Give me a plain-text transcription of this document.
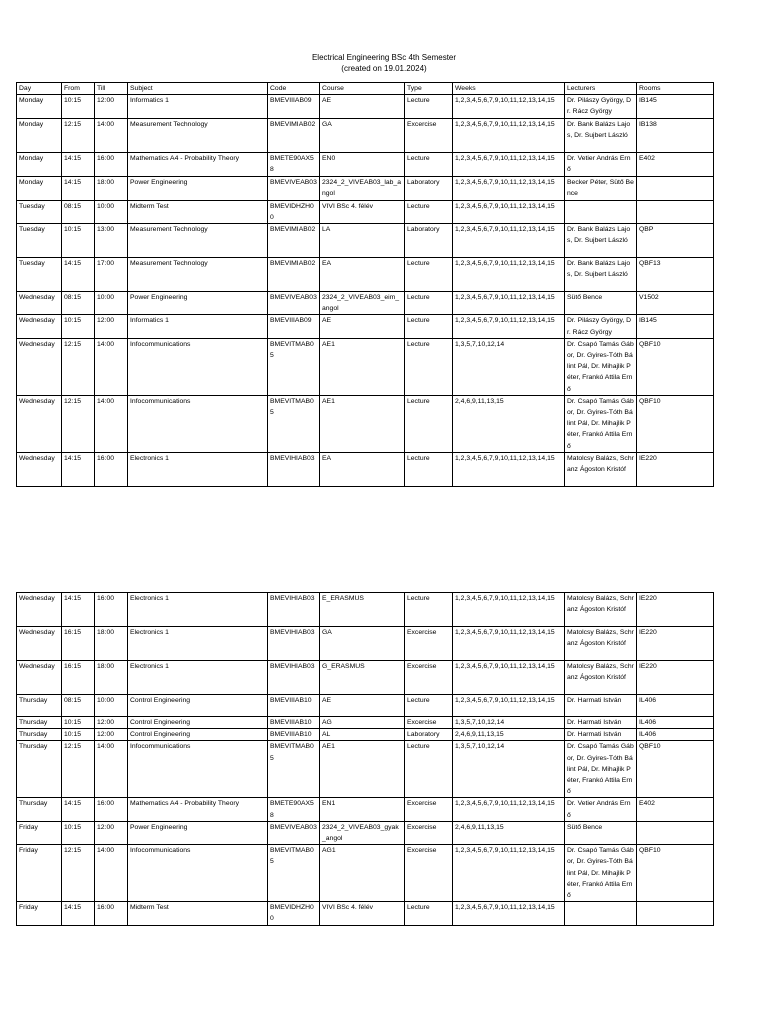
Electrical Engineering BSc 4th Semester
(created on 19.01.2024)
Day	From	Till	Subject	Code	Course	Type	Weeks	Lecturers	Rooms
Monday	10:15	12:00	Informatics 1	BMEVIIIAB09	AE	Lecture	1,2,3,4,5,6,7,9,10,11,12,13,14,15	Dr. Pilászy György, Dr. Rácz György	IB145
Monday	12:15	14:00	Measurement Technology	BMEVIMIAB02	GA	Excercise	1,2,3,4,5,6,7,9,10,11,12,13,14,15	Dr. Bank Balázs Lajos, Dr. Sujbert László	IB138
Monday	14:15	16:00	Mathematics A4 - Probability Theory	BMETE90AX58	EN0	Lecture	1,2,3,4,5,6,7,9,10,11,12,13,14,15	Dr. Vetier András Ernő	E402
Monday	14:15	18:00	Power Engineering	BMEVIVEAB03	2324_2_VIVEAB03_lab_angol	Laboratory	1,2,3,4,5,6,7,9,10,11,12,13,14,15	Becker Péter, Sütő Bence	
Tuesday	08:15	10:00	Midterm Test	BMEVIDHZH00	VIVI BSc 4. félév	Lecture	1,2,3,4,5,6,7,9,10,11,12,13,14,15		
Tuesday	10:15	13:00	Measurement Technology	BMEVIMIAB02	LA	Laboratory	1,2,3,4,5,6,7,9,10,11,12,13,14,15	Dr. Bank Balázs Lajos, Dr. Sujbert László	QBP
Tuesday	14:15	17:00	Measurement Technology	BMEVIMIAB02	EA	Lecture	1,2,3,4,5,6,7,9,10,11,12,13,14,15	Dr. Bank Balázs Lajos, Dr. Sujbert László	QBF13
Wednesday	08:15	10:00	Power Engineering	BMEVIVEAB03	2324_2_VIVEAB03_eim_angol	Lecture	1,2,3,4,5,6,7,9,10,11,12,13,14,15	Sütő Bence	V1502
Wednesday	10:15	12:00	Informatics 1	BMEVIIIAB09	AE	Lecture	1,2,3,4,5,6,7,9,10,11,12,13,14,15	Dr. Pilászy György, Dr. Rácz György	IB145
Wednesday	12:15	14:00	Infocommunications	BMEVITMAB05	AE1	Lecture	1,3,5,7,10,12,14	Dr. Csapó Tamás Gábor, Dr. Gyires-Tóth Bálint Pál, Dr. Mihajlik Péter, Frankó Attila Ernő	QBF10
Wednesday	12:15	14:00	Infocommunications	BMEVITMAB05	AE1	Lecture	2,4,6,9,11,13,15	Dr. Csapó Tamás Gábor, Dr. Gyires-Tóth Bálint Pál, Dr. Mihajlik Péter, Frankó Attila Ernő	QBF10
Wednesday	14:15	16:00	Electronics 1	BMEVIHIAB03	EA	Lecture	1,2,3,4,5,6,7,9,10,11,12,13,14,15	Matolcsy Balázs, Schranz Ágoston Kristóf	IE220
Wednesday	14:15	16:00	Electronics 1	BMEVIHIAB03	E_ERASMUS	Lecture	1,2,3,4,5,6,7,9,10,11,12,13,14,15	Matolcsy Balázs, Schranz Ágoston Kristóf	IE220
Wednesday	16:15	18:00	Electronics 1	BMEVIHIAB03	GA	Excercise	1,2,3,4,5,6,7,9,10,11,12,13,14,15	Matolcsy Balázs, Schranz Ágoston Kristóf	IE220
Wednesday	16:15	18:00	Electronics 1	BMEVIHIAB03	G_ERASMUS	Excercise	1,2,3,4,5,6,7,9,10,11,12,13,14,15	Matolcsy Balázs, Schranz Ágoston Kristóf	IE220
Thursday	08:15	10:00	Control Engineering	BMEVIIIAB10	AE	Lecture	1,2,3,4,5,6,7,9,10,11,12,13,14,15	Dr. Harmati István	IL406
Thursday	10:15	12:00	Control Engineering	BMEVIIIAB10	AG	Excercise	1,3,5,7,10,12,14	Dr. Harmati István	IL406
Thursday	10:15	12:00	Control Engineering	BMEVIIIAB10	AL	Laboratory	2,4,6,9,11,13,15	Dr. Harmati István	IL406
Thursday	12:15	14:00	Infocommunications	BMEVITMAB05	AE1	Lecture	1,3,5,7,10,12,14	Dr. Csapó Tamás Gábor, Dr. Gyires-Tóth Bálint Pál, Dr. Mihajlik Péter, Frankó Attila Ernő	QBF10
Thursday	14:15	16:00	Mathematics A4 - Probability Theory	BMETE90AX58	EN1	Excercise	1,2,3,4,5,6,7,9,10,11,12,13,14,15	Dr. Vetier András Ernő	E402
Friday	10:15	12:00	Power Engineering	BMEVIVEAB03	2324_2_VIVEAB03_gyak_angol	Excercise	2,4,6,9,11,13,15	Sütő Bence	
Friday	12:15	14:00	Infocommunications	BMEVITMAB05	AG1	Excercise	1,2,3,4,5,6,7,9,10,11,12,13,14,15	Dr. Csapó Tamás Gábor, Dr. Gyires-Tóth Bálint Pál, Dr. Mihajlik Péter, Frankó Attila Ernő	QBF10
Friday	14:15	16:00	Midterm Test	BMEVIDHZH00	VIVI BSc 4. félév	Lecture	1,2,3,4,5,6,7,9,10,11,12,13,14,15		
